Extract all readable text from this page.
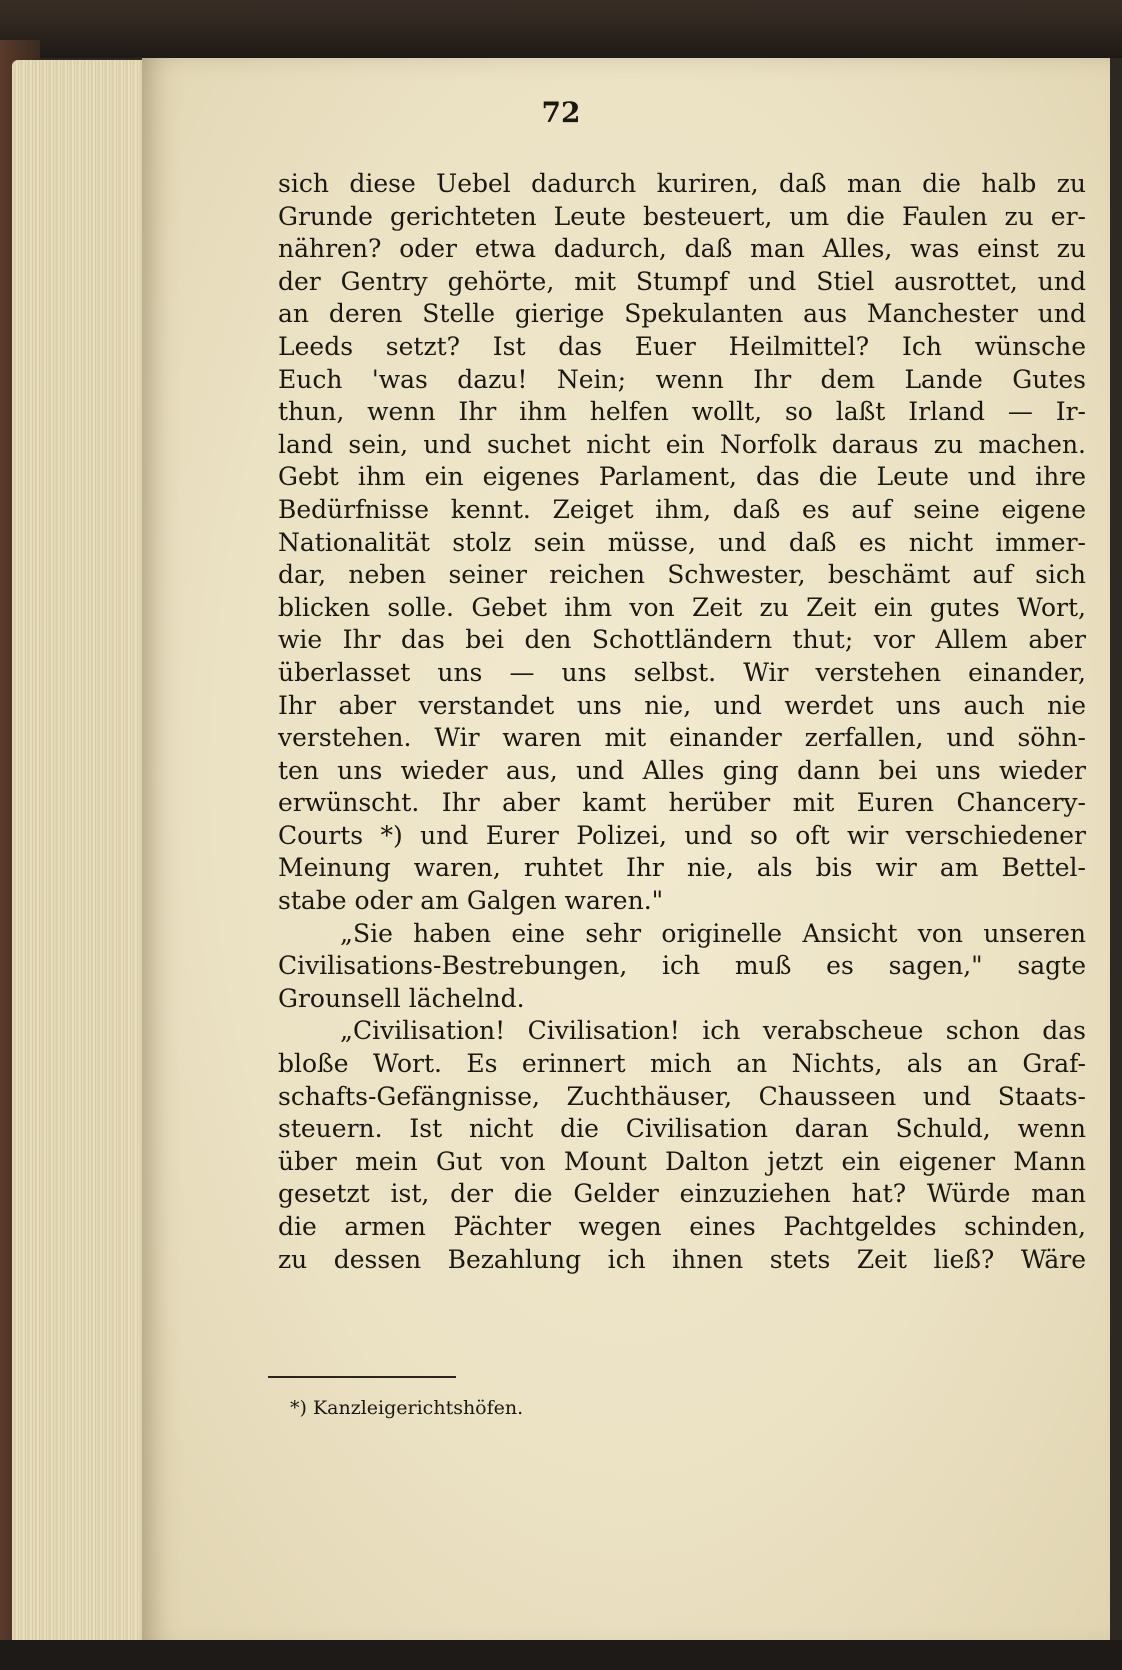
72
sich diese Uebel dadurch kuriren, daß man die halb zu
Grunde gerichteten Leute besteuert, um die Faulen zu er-
nähren? oder etwa dadurch, daß man Alles, was einst zu
der Gentry gehörte, mit Stumpf und Stiel ausrottet, und
an deren Stelle gierige Spekulanten aus Manchester und
Leeds setzt? Ist das Euer Heilmittel? Ich wünsche
Euch 'was dazu! Nein; wenn Ihr dem Lande Gutes
thun, wenn Ihr ihm helfen wollt, so laßt Irland — Ir-
land sein, und suchet nicht ein Norfolk daraus zu machen.
Gebt ihm ein eigenes Parlament, das die Leute und ihre
Bedürfnisse kennt. Zeiget ihm, daß es auf seine eigene
Nationalität stolz sein müsse, und daß es nicht immer-
dar, neben seiner reichen Schwester, beschämt auf sich
blicken solle. Gebet ihm von Zeit zu Zeit ein gutes Wort,
wie Ihr das bei den Schottländern thut; vor Allem aber
überlasset uns — uns selbst. Wir verstehen einander,
Ihr aber verstandet uns nie, und werdet uns auch nie
verstehen. Wir waren mit einander zerfallen, und söhn-
ten uns wieder aus, und Alles ging dann bei uns wieder
erwünscht. Ihr aber kamt herüber mit Euren Chancery-
Courts *) und Eurer Polizei, und so oft wir verschiedener
Meinung waren, ruhtet Ihr nie, als bis wir am Bettel-
stabe oder am Galgen waren."
„Sie haben eine sehr originelle Ansicht von unseren
Civilisations-Bestrebungen, ich muß es sagen," sagte
Grounsell lächelnd.
„Civilisation! Civilisation! ich verabscheue schon das
bloße Wort. Es erinnert mich an Nichts, als an Graf-
schafts-Gefängnisse, Zuchthäuser, Chausseen und Staats-
steuern. Ist nicht die Civilisation daran Schuld, wenn
über mein Gut von Mount Dalton jetzt ein eigener Mann
gesetzt ist, der die Gelder einzuziehen hat? Würde man
die armen Pächter wegen eines Pachtgeldes schinden,
zu dessen Bezahlung ich ihnen stets Zeit ließ? Wäre
*) Kanzleigerichtshöfen.
